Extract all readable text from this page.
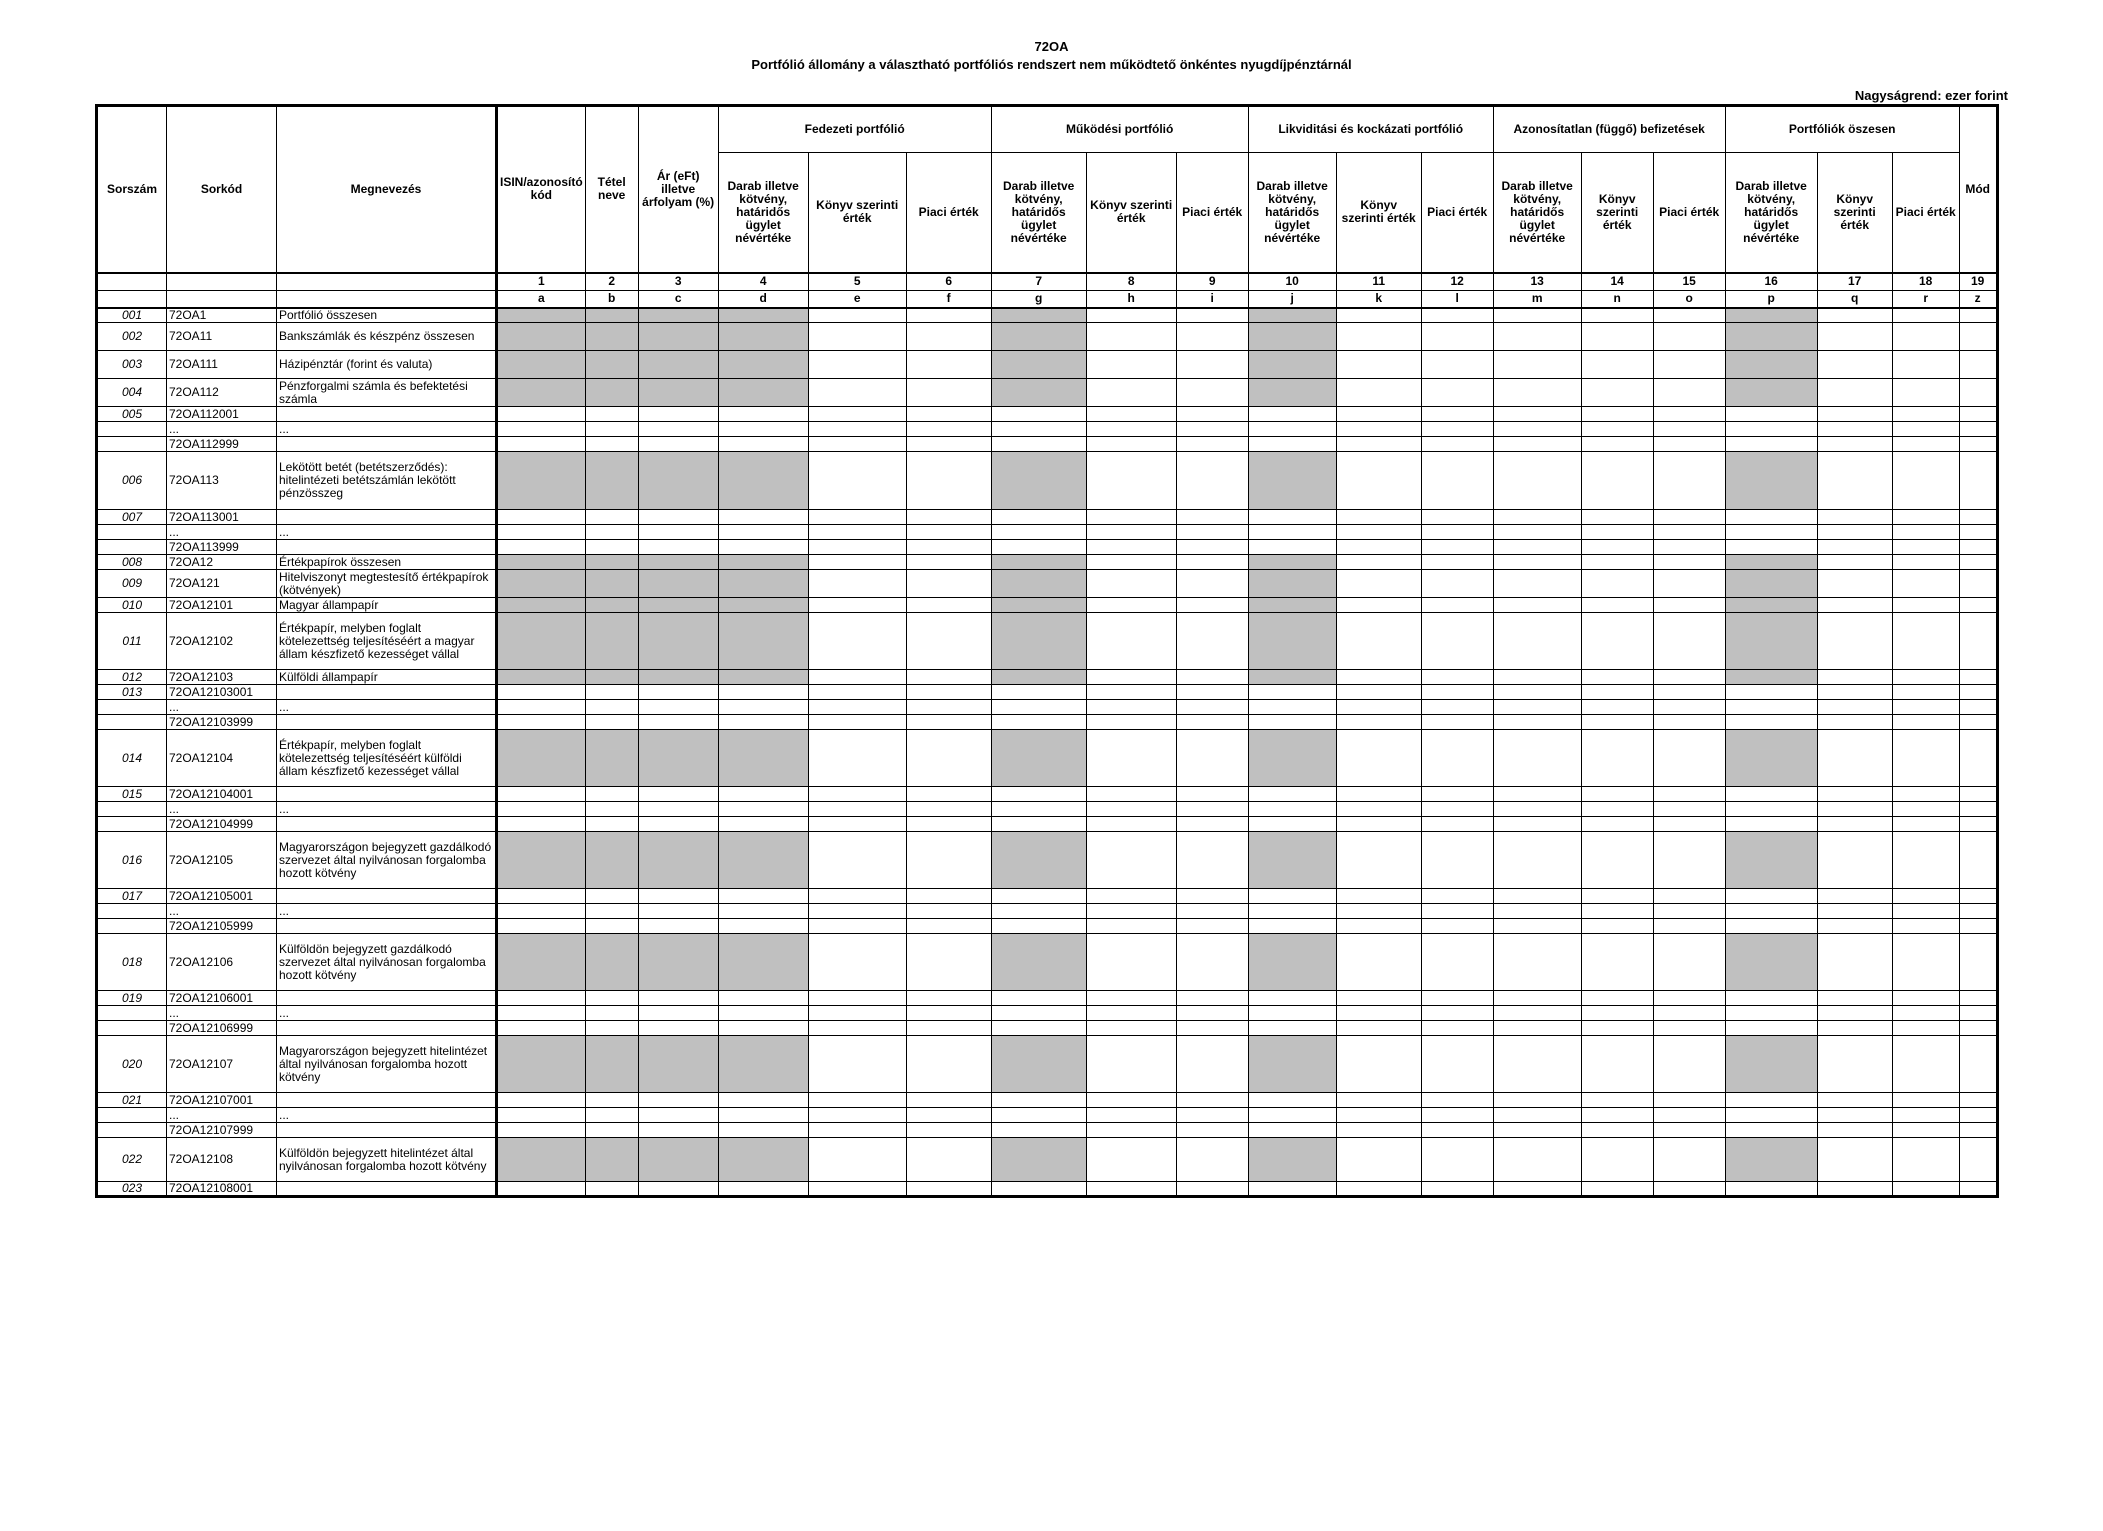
72OA
Portfólió állomány a választható portfóliós rendszert nem működtető önkéntes nyugdíjpénztárnál
Nagyságrend: ezer forint
Sorszám	Sorkód	Megnevezés	ISIN/azonosító kód	Tétel neve	Ár (eFt) illetve árfolyam (%)	Fedezeti portfólió			Működési portfólió			Likviditási és kockázati portfólió			Azonosítatlan (függő) befizetések			Portfóliók öszesen			Mód
						Darab illetve kötvény, határidős ügylet névértéke	Könyv szerinti érték	Piaci érték	Darab illetve kötvény, határidős ügylet névértéke	Könyv szerinti érték	Piaci érték	Darab illetve kötvény, határidős ügylet névértéke	Könyv szerinti érték	Piaci érték	Darab illetve kötvény, határidős ügylet névértéke	Könyv szerinti érték	Piaci érték	Darab illetve kötvény, határidős ügylet névértéke	Könyv szerinti érték	Piaci érték	
			1	2	3	4	5	6	7	8	9	10	11	12	13	14	15	16	17	18	19
			a	b	c	d	e	f	g	h	i	j	k	l	m	n	o	p	q	r	z
001	72OA1	Portfólió összesen																			
002	72OA11	Bankszámlák és készpénz összesen																			
003	72OA111	Házipénztár (forint és valuta)																			
004	72OA112	Pénzforgalmi számla és befektetési számla																			
005	72OA112001																				
	...	...																			
	72OA112999																				
006	72OA113	Lekötött betét (betétszerződés): hitelintézeti betétszámlán lekötött pénzösszeg																			
007	72OA113001																				
	...	...																			
	72OA113999																				
008	72OA12	Értékpapírok összesen																			
009	72OA121	Hitelviszonyt megtestesítő értékpapírok (kötvények)																			
010	72OA12101	Magyar állampapír																			
011	72OA12102	Értékpapír, melyben foglalt kötelezettség teljesítéséért a magyar állam készfizető kezességet vállal																			
012	72OA12103	Külföldi állampapír																			
013	72OA12103001																				
	...	...																			
	72OA12103999																				
014	72OA12104	Értékpapír, melyben foglalt kötelezettség teljesítéséért külföldi állam készfizető kezességet vállal																			
015	72OA12104001																				
	...	...																			
	72OA12104999																				
016	72OA12105	Magyarországon bejegyzett gazdálkodó szervezet által nyilvánosan forgalomba hozott kötvény																			
017	72OA12105001																				
	...	...																			
	72OA12105999																				
018	72OA12106	Külföldön bejegyzett gazdálkodó szervezet által nyilvánosan forgalomba hozott kötvény																			
019	72OA12106001																				
	...	...																			
	72OA12106999																				
020	72OA12107	Magyarországon bejegyzett hitelintézet által nyilvánosan forgalomba hozott kötvény																			
021	72OA12107001																				
	...	...																			
	72OA12107999																				
022	72OA12108	Külföldön bejegyzett hitelintézet által nyilvánosan forgalomba hozott kötvény																			
023	72OA12108001																				
